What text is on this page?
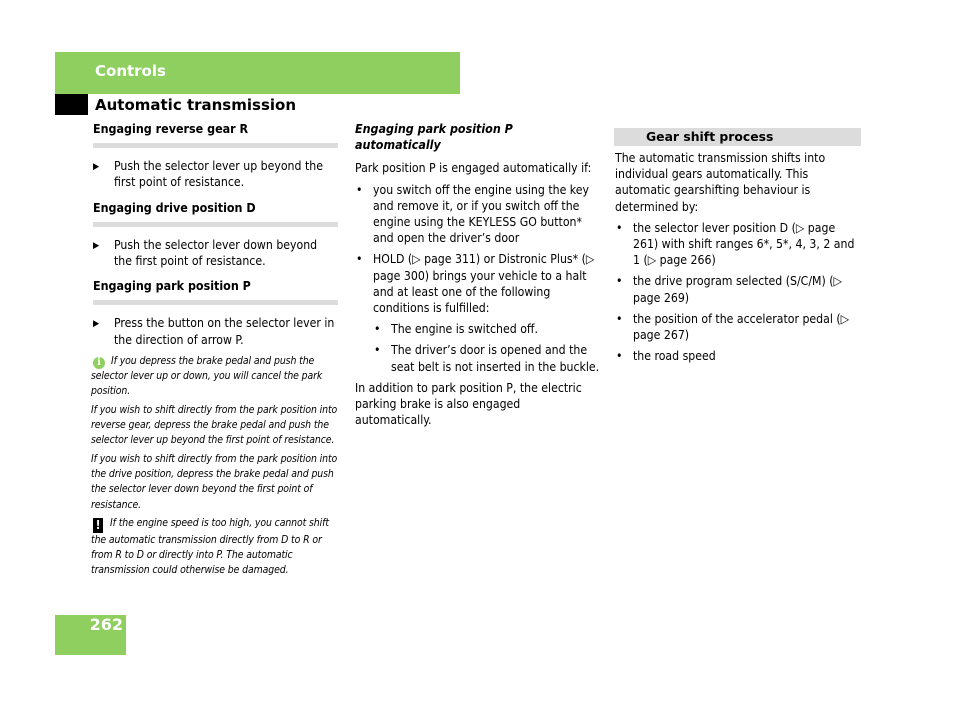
Controls
Automatic transmission
Engaging reverse gear R
▶ Push the selector lever up beyond the first point of resistance.
Engaging drive position D
▶ Push the selector lever down beyond the first point of resistance.
Engaging park position P
▶ Press the button on the selector lever in the direction of arrow P.

i If you depress the brake pedal and push the selector lever up or down, you will cancel the park position.

If you wish to shift directly from the park position into reverse gear, depress the brake pedal and push the selector lever up beyond the first point of resistance.

If you wish to shift directly from the park position into the drive position, depress the brake pedal and push the selector lever down beyond the first point of resistance.

! If the engine speed is too high, you cannot shift the automatic transmission directly from D to R or from R to D or directly into P. The automatic transmission could otherwise be damaged.

Engaging park position P automatically

Park position P is engaged automatically if:

• you switch off the engine using the key and remove it, or if you switch off the engine using the KEYLESS GO button* and open the driver’s door
• HOLD (▷ page 311) or Distronic Plus* (▷ page 300) brings your vehicle to a halt and at least one of the following conditions is fulfilled:
• The engine is switched off.
• The driver’s door is opened and the seat belt is not inserted in the buckle.

In addition to park position P, the electric parking brake is also engaged automatically.

Gear shift process

The automatic transmission shifts into individual gears automatically. This automatic gearshifting behaviour is determined by:

• the selector lever position D (▷ page 261) with shift ranges 6*, 5*, 4, 3, 2 and 1 (▷ page 266)
• the drive program selected (S/C/M) (▷ page 269)
• the position of the accelerator pedal (▷ page 267)
• the road speed
262
